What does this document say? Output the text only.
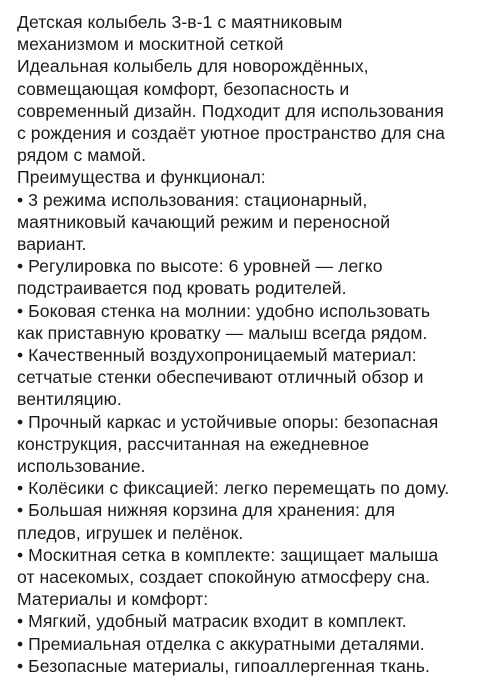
Детская колыбель 3-в-1 с маятниковым
механизмом и москитной сеткой
Идеальная колыбель для новорождённых,
совмещающая комфорт, безопасность и
современный дизайн. Подходит для использования
с рождения и создаёт уютное пространство для сна
рядом с мамой.
Преимущества и функционал:
• 3 режима использования: стационарный,
маятниковый качающий режим и переносной
вариант.
• Регулировка по высоте: 6 уровней — легко
подстраивается под кровать родителей.
• Боковая стенка на молнии: удобно использовать
как приставную кроватку — малыш всегда рядом.
• Качественный воздухопроницаемый материал:
сетчатые стенки обеспечивают отличный обзор и
вентиляцию.
• Прочный каркас и устойчивые опоры: безопасная
конструкция, рассчитанная на ежедневное
использование.
• Колёсики с фиксацией: легко перемещать по дому.
• Большая нижняя корзина для хранения: для
пледов, игрушек и пелёнок.
• Москитная сетка в комплекте: защищает малыша
от насекомых, создает спокойную атмосферу сна.
Материалы и комфорт:
• Мягкий, удобный матрасик входит в комплект.
• Премиальная отделка с аккуратными деталями.
• Безопасные материалы, гипоаллергенная ткань.
